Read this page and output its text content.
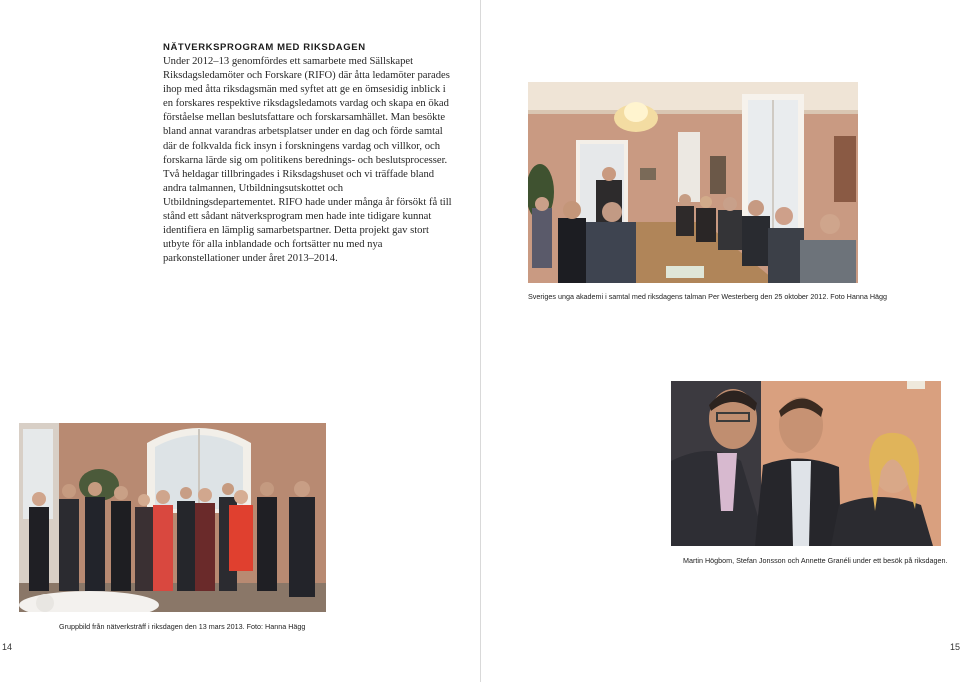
NÄTVERKSPROGRAM MED RIKSDAGEN

Under 2012–13 genomfördes ett samarbete med Sällskapet Riksdagsledamöter och Forskare (RIFO) där åtta ledamöter parades ihop med åtta riksdagsmän med syftet att ge en ömsesidig inblick i en forskares respektive riksdagsledamots vardag och skapa en ökad förståelse mellan beslutsfattare och forskarsamhället. Man besökte bland annat varandras arbetsplatser under en dag och förde samtal där de folkvalda fick insyn i forskningens vardag och villkor, och forskarna lärde sig om politikens berednings- och beslutsprocesser. Två heldagar tillbringades i Riksdagshuset och vi träffade bland andra talmannen, Utbildningsutskottet och Utbildningsdepartementet. RIFO hade under många år försökt få till stånd ett sådant nätverksprogram men hade inte tidigare kunnat identifiera en lämplig samarbetspartner. Detta projekt gav stort utbyte för alla inblandade och fortsätter nu med nya parkonstellationer under året 2013–2014.

Sveriges unga akademi i samtal med riksdagens talman Per Westerberg den 25 oktober 2012. Foto Hanna Hägg
Martin Högbom, Stefan Jonsson och Annette Granéli under ett besök på riksdagen.
Gruppbild från nätverksträff i riksdagen den 13 mars 2013. Foto: Hanna Hägg
14	15
